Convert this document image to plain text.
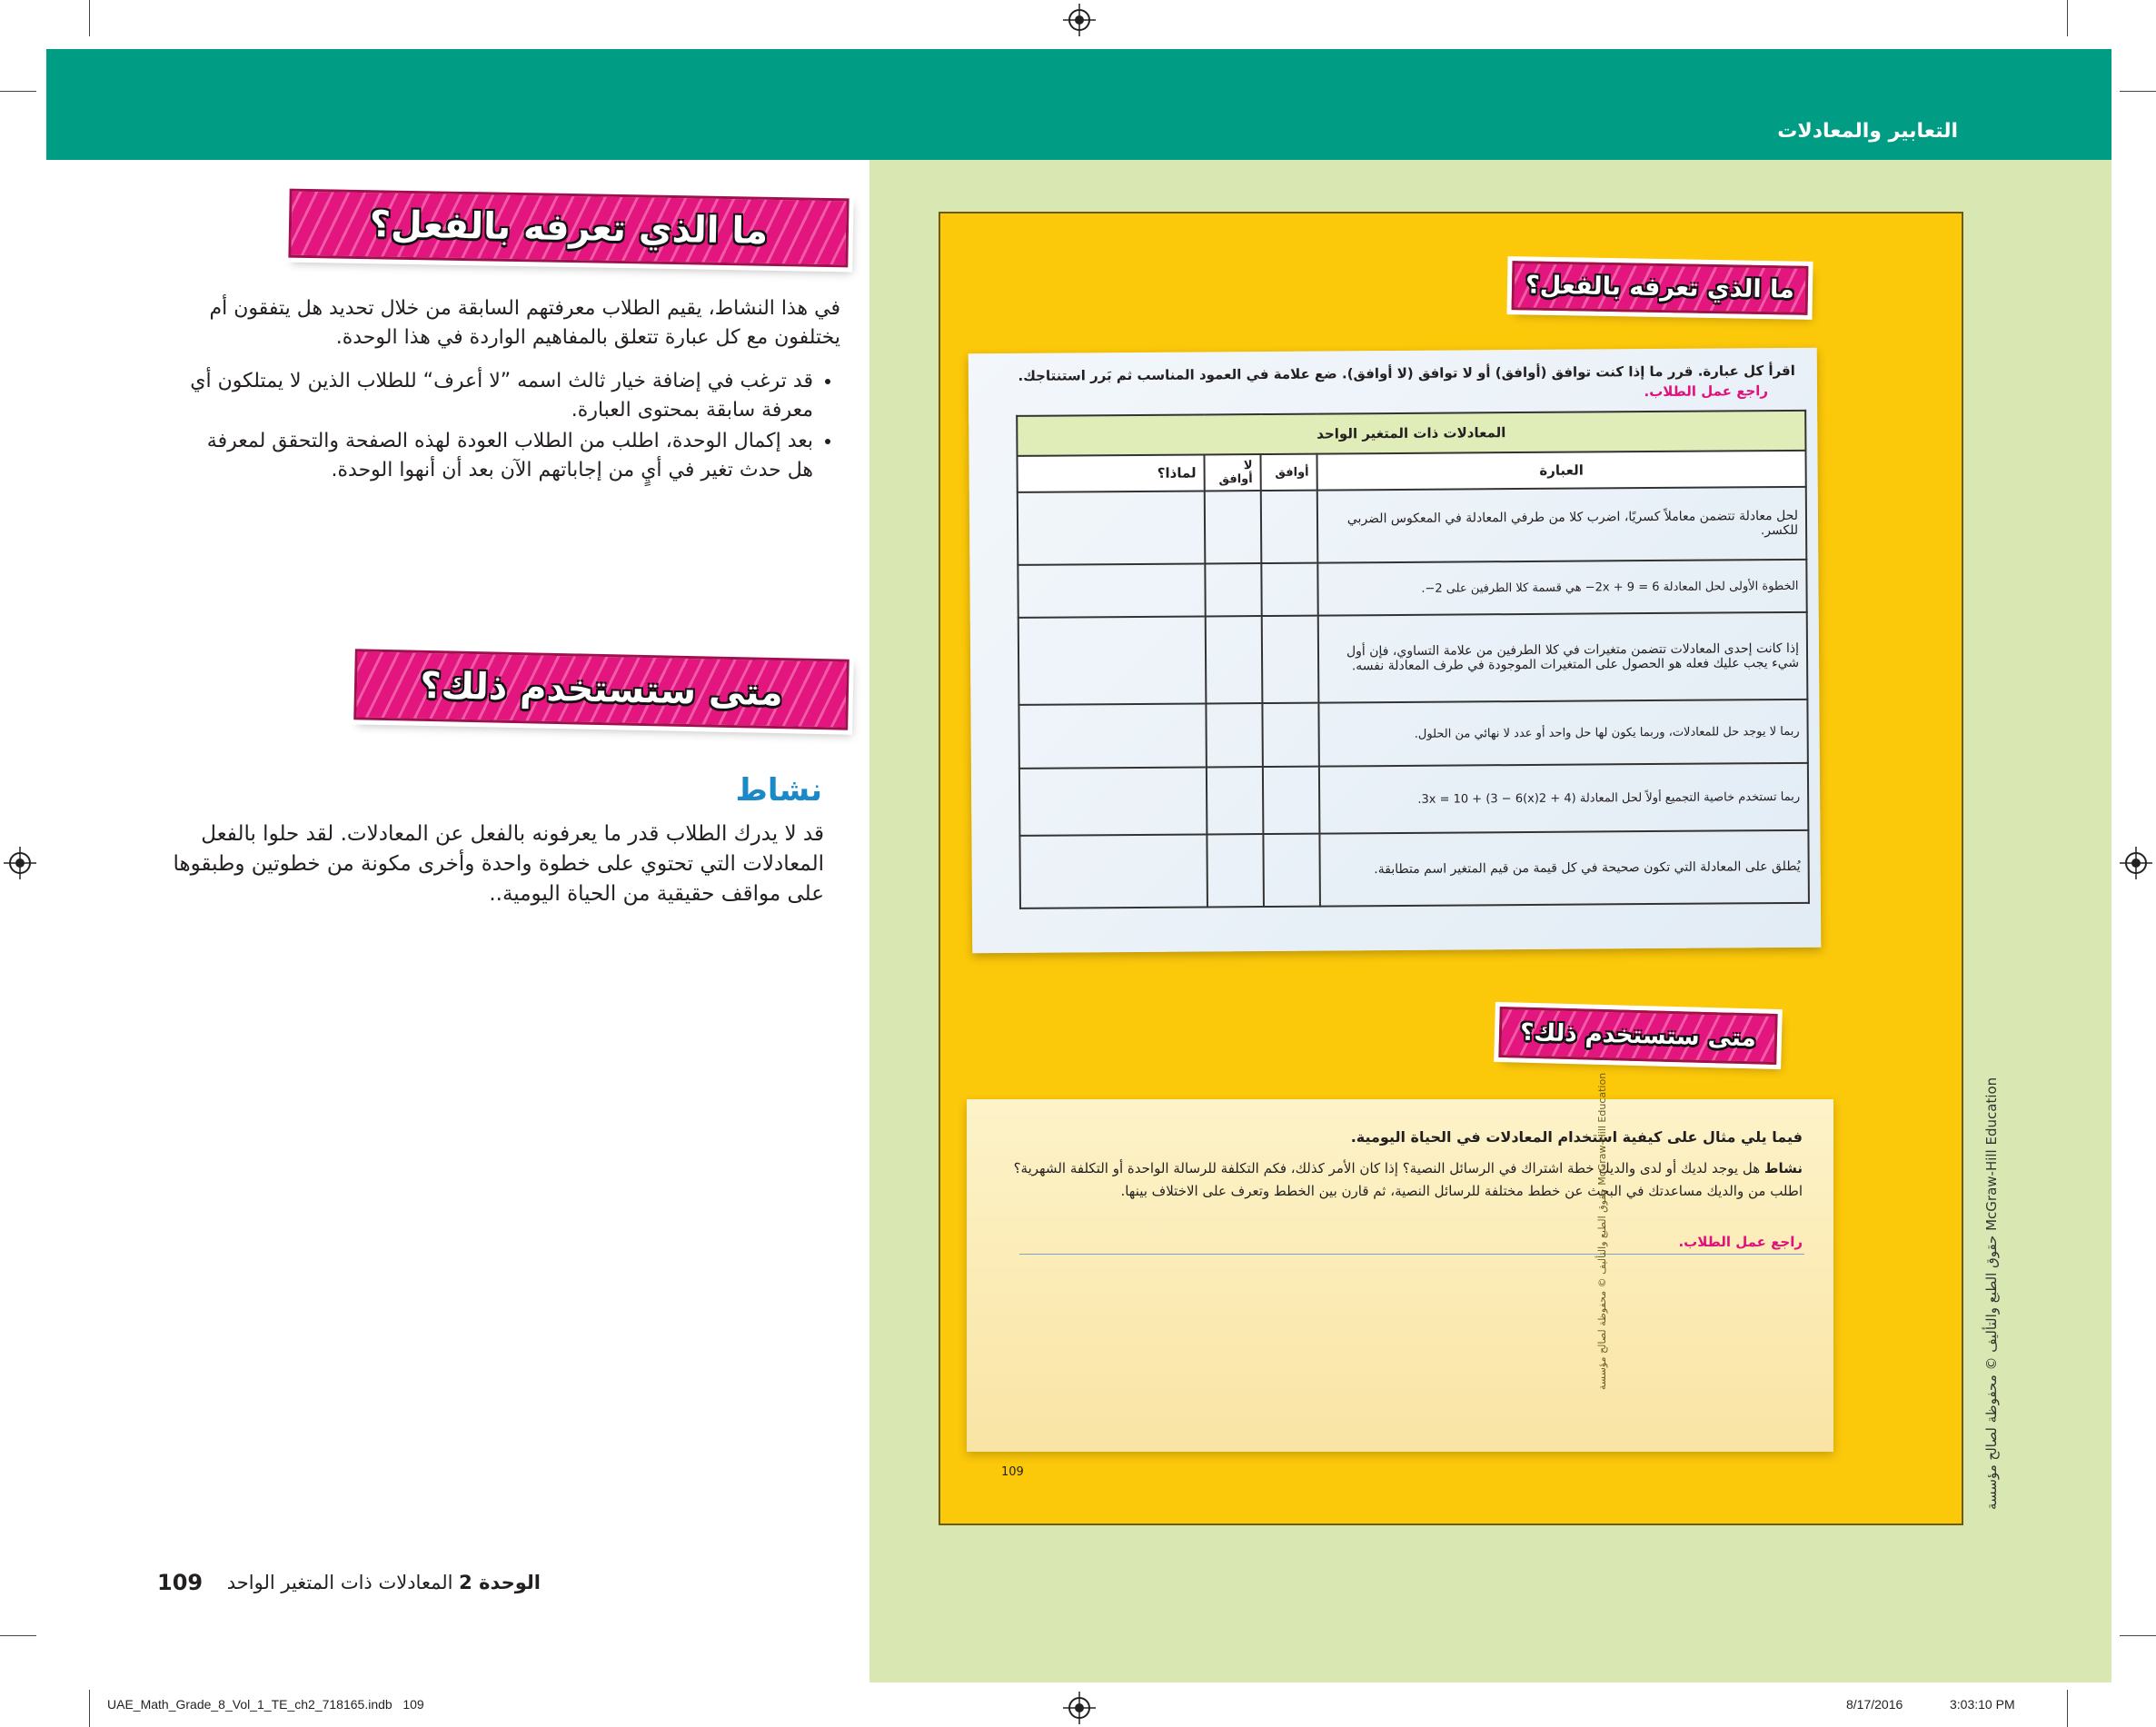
التعابير والمعادلات
ما الذي تعرفه بالفعل؟
في هذا النشاط، يقيم الطلاب معرفتهم السابقة من خلال تحديد هل يتفقون أم يختلفون مع كل عبارة تتعلق بالمفاهيم الواردة في هذا الوحدة.
• قد ترغب في إضافة خيار ثالث اسمه ”لا أعرف“ للطلاب الذين لا يمتلكون أي معرفة سابقة بمحتوى العبارة.
• بعد إكمال الوحدة، اطلب من الطلاب العودة لهذه الصفحة والتحقق لمعرفة هل حدث تغير في أيٍ من إجاباتهم الآن بعد أن أنهوا الوحدة.
متى ستستخدم ذلك؟
نشاط
قد لا يدرك الطلاب قدر ما يعرفونه بالفعل عن المعادلات. لقد حلوا بالفعل المعادلات التي تحتوي على خطوة واحدة وأخرى مكونة من خطوتين وطبقوها على مواقف حقيقية من الحياة اليومية..
الوحدة 2 المعادلات ذات المتغير الواحد
109
UAE_Math_Grade_8_Vol_1_TE_ch2_718165.indb   109	8/17/2016	3:03:10 PM
ما الذي تعرفه بالفعل؟
اقرأ كل عبارة. قرر ما إذا كنت توافق (أوافق) أو لا توافق (لا أوافق). ضع علامة في العمود المناسب ثم بَرر استنتاجك. راجع عمل الطلاب.
المعادلات ذات المتغير الواحد			
العبارة	أوافق	لا أوافق	لماذا؟
لحل معادلة تتضمن معاملاً كسريًا، اضرب كلا من طرفي المعادلة في المعكوس الضربي للكسر.			
الخطوة الأولى لحل المعادلة 6 = 9 + 2x− هي قسمة كلا الطرفين على 2−.			
إذا كانت إحدى المعادلات تتضمن متغيرات في كلا الطرفين من علامة التساوي، فإن أول شيء يجب عليك فعله هو الحصول على المتغيرات الموجودة في طرف المعادلة نفسه.			
ربما لا يوجد حل للمعادلات، وربما يكون لها حل واحد أو عدد لا نهائي من الحلول.			
ربما تستخدم خاصية التجميع أولاً لحل المعادلة (4 + 2(3x = 10 + (3 − 6(x.			
يُطلق على المعادلة التي تكون صحيحة في كل قيمة من قيم المتغير اسم متطابقة.			
متى ستستخدم ذلك؟
فيما يلي مثال على كيفية استخدام المعادلات في الحياة اليومية.
نشاط هل يوجد لديك أو لدى والديك خطة اشتراك في الرسائل النصية؟ إذا كان الأمر كذلك، فكم التكلفة للرسالة الواحدة أو التكلفة الشهرية؟ اطلب من والديك مساعدتك في البحث عن خطط مختلفة للرسائل النصية، ثم قارن بين الخطط وتعرف على الاختلاف بينها.
راجع عمل الطلاب.
109
حقوق الطبع والتأليف © محفوظة لصالح مؤسسة McGraw-Hill Education
حقوق الطبع والتأليف © محفوظة لصالح مؤسسة McGraw-Hill Education
